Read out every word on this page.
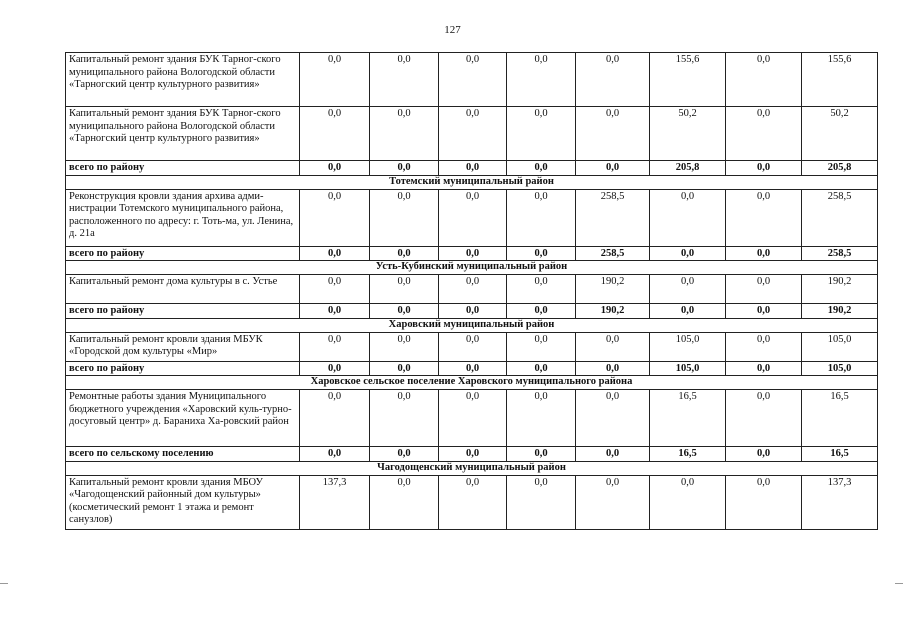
127
Капитальный ремонт здания БУК Тарног-ского муниципального района Вологодской области «Тарногский центр культурного развития»	0,0	0,0	0,0	0,0	0,0	155,6	0,0	155,6
Капитальный ремонт здания БУК Тарног-ского муниципального района Вологодской области «Тарногский центр культурного развития»	0,0	0,0	0,0	0,0	0,0	50,2	0,0	50,2
всего по району	0,0	0,0	0,0	0,0	0,0	205,8	0,0	205,8
Тотемский муниципальный район								
Реконструкция кровли здания архива адми-нистрации Тотемского муниципального района, расположенного по адресу: г. Тоть-ма, ул. Ленина, д. 21а	0,0	0,0	0,0	0,0	258,5	0,0	0,0	258,5
всего по району	0,0	0,0	0,0	0,0	258,5	0,0	0,0	258,5
Усть-Кубинский муниципальный район								
Капитальный ремонт дома культуры в с. Устье	0,0	0,0	0,0	0,0	190,2	0,0	0,0	190,2
всего по району	0,0	0,0	0,0	0,0	190,2	0,0	0,0	190,2
Харовский муниципальный район								
Капитальный ремонт кровли здания МБУК «Городской дом культуры «Мир»	0,0	0,0	0,0	0,0	0,0	105,0	0,0	105,0
всего по району	0,0	0,0	0,0	0,0	0,0	105,0	0,0	105,0
Харовское сельское поселение Харовского муниципального района								
Ремонтные работы здания Муниципального бюджетного учреждения «Харовский куль-турно-досуговый центр» д. Бараниха Ха-ровский район	0,0	0,0	0,0	0,0	0,0	16,5	0,0	16,5
всего по сельскому поселению	0,0	0,0	0,0	0,0	0,0	16,5	0,0	16,5
Чагодощенский муниципальный район								
Капитальный ремонт кровли здания МБОУ «Чагодощенский районный дом культуры» (косметический ремонт 1 этажа и ремонт санузлов)	137,3	0,0	0,0	0,0	0,0	0,0	0,0	137,3
